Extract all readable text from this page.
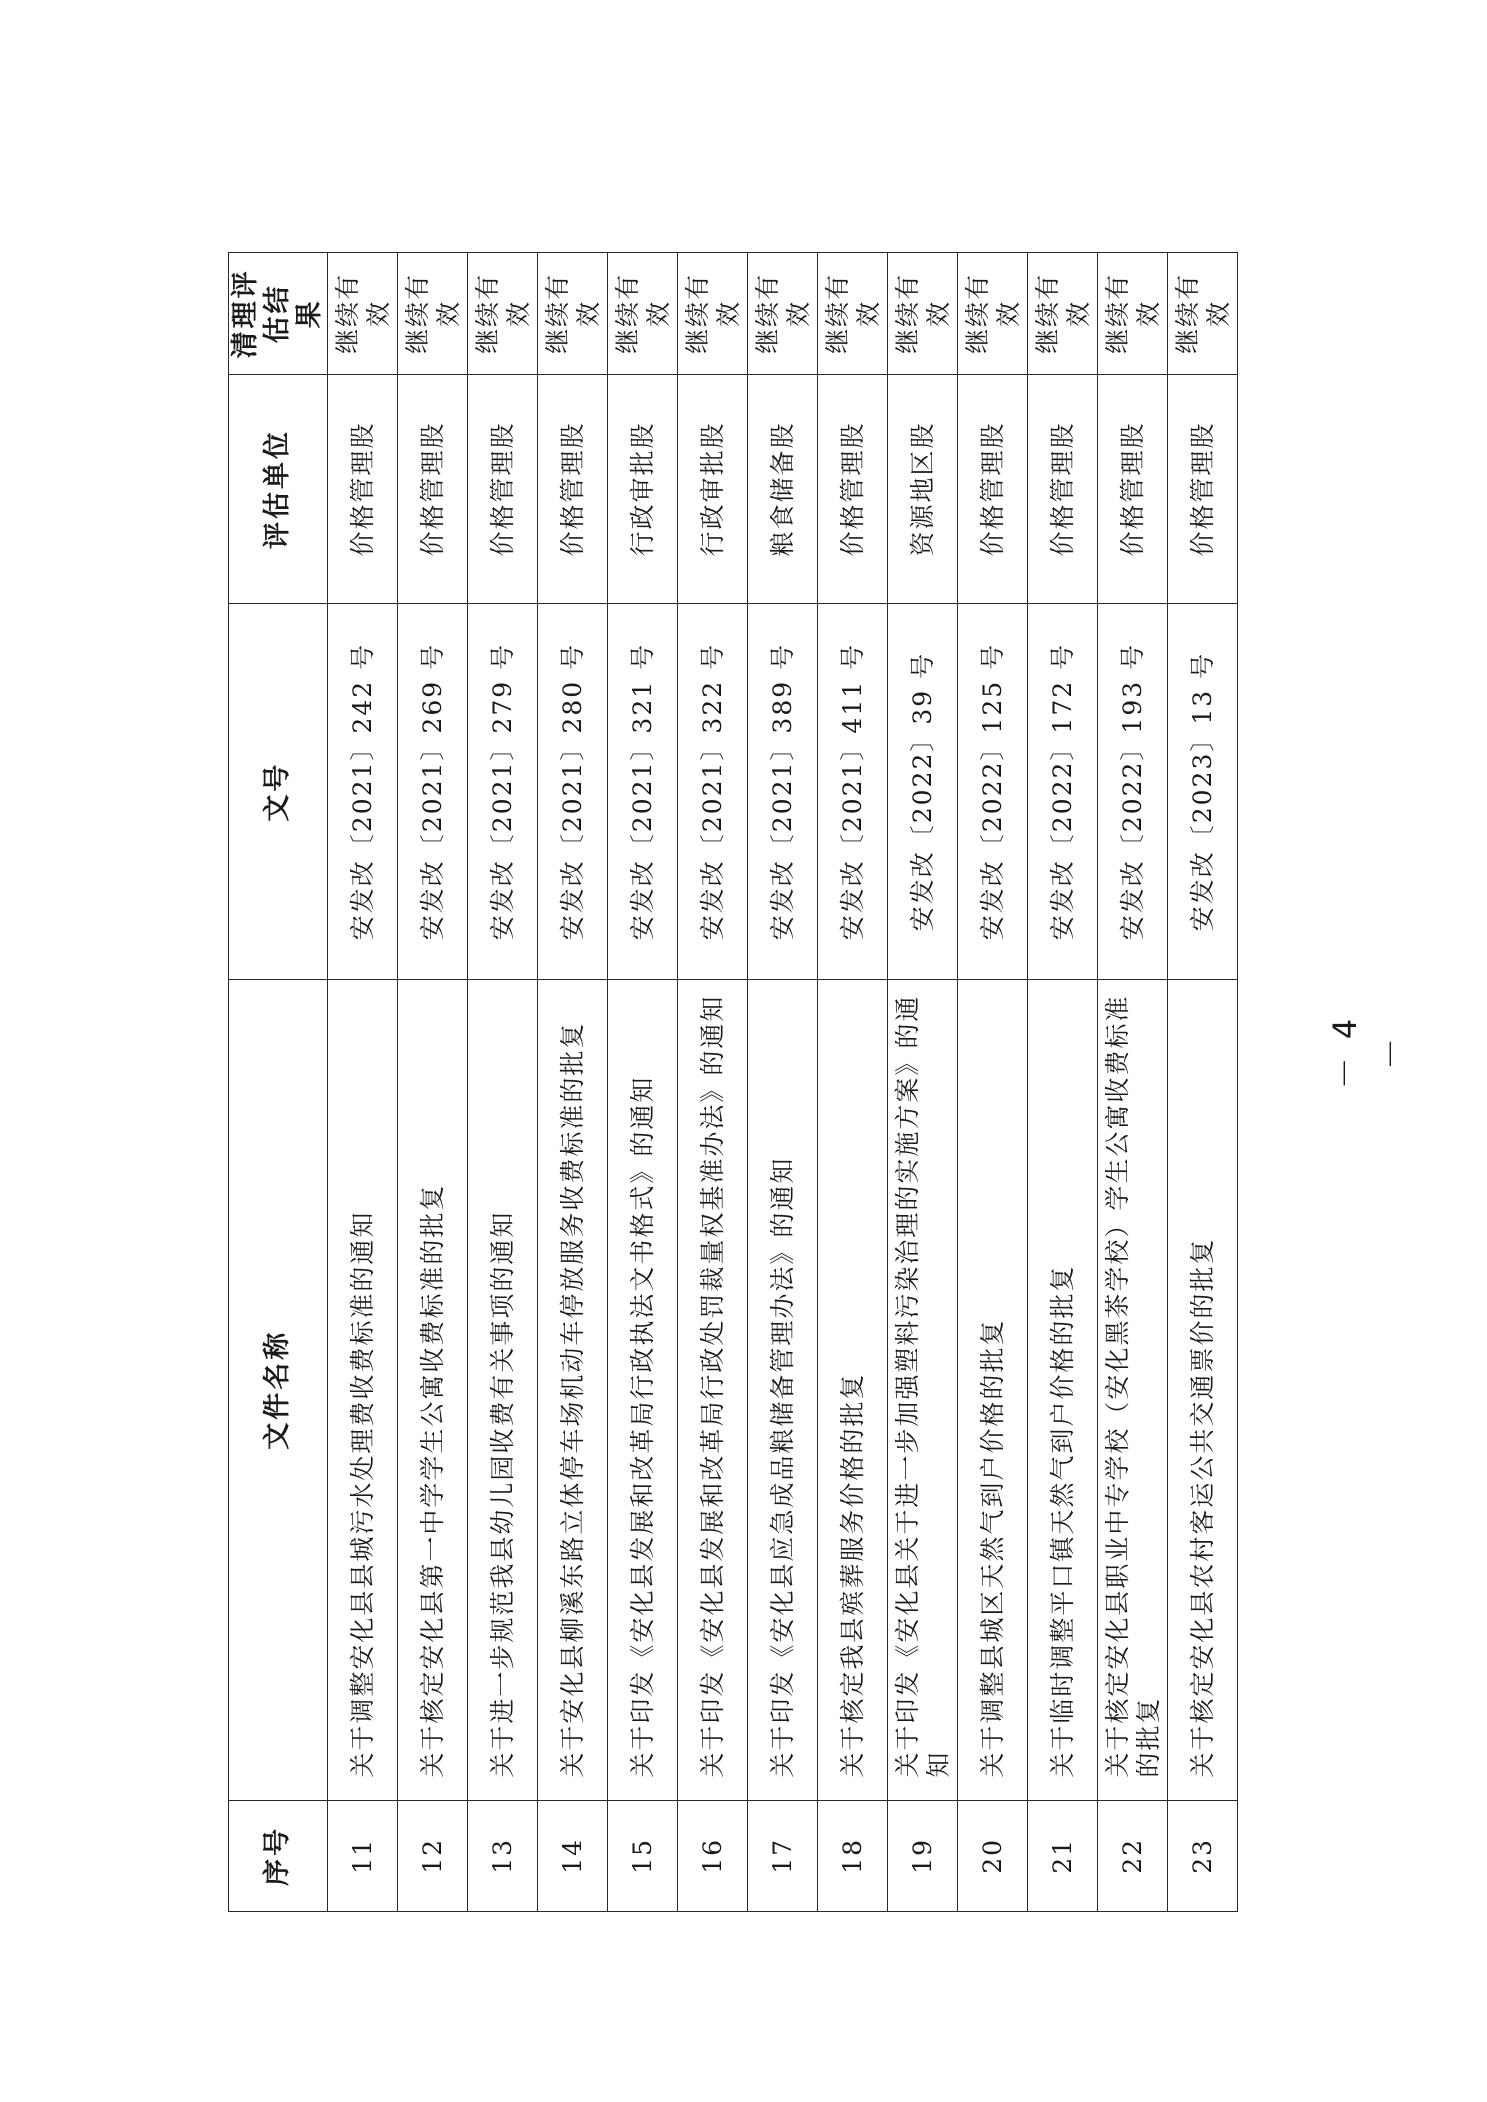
序号	文件名称	文号	评估单位	清理评估结 果
11	关于调整安化县县城污水处理费收费标准的通知	安发改〔2021〕242 号	价格管理股	继续有效
12	关于核定安化县第一中学学生公寓收费标准的批复	安发改〔2021〕269 号	价格管理股	继续有效
13	关于进一步规范我县幼儿园收费有关事项的通知	安发改〔2021〕279 号	价格管理股	继续有效
14	关于安化县柳溪东路立体停车场机动车停放服务收费标准的批复	安发改〔2021〕280 号	价格管理股	继续有效
15	关于印发《安化县发展和改革局行政执法文书格式》的通知	安发改〔2021〕321 号	行政审批股	继续有效
16	关于印发《安化县发展和改革局行政处罚裁量权基准办法》的通知	安发改〔2021〕322 号	行政审批股	继续有效
17	关于印发《安化县应急成品粮储备管理办法》的通知	安发改〔2021〕389 号	粮食储备股	继续有效
18	关于核定我县殡葬服务价格的批复	安发改〔2021〕411 号	价格管理股	继续有效
19	关于印发《安化县关于进一步加强塑料污染治理的实施方案》的通知	安发改〔2022〕39 号	资源地区股	继续有效
20	关于调整县城区天然气到户价格的批复	安发改〔2022〕125 号	价格管理股	继续有效
21	关于临时调整平口镇天然气到户价格的批复	安发改〔2022〕172 号	价格管理股	继续有效
22	关于核定安化县职业中专学校（安化黑茶学校）学生公寓收费标准的批复	安发改〔2022〕193 号	价格管理股	继续有效
23	关于核定安化县农村客运公共交通票价的批复	安发改〔2023〕13 号	价格管理股	继续有效
－ 4 －
